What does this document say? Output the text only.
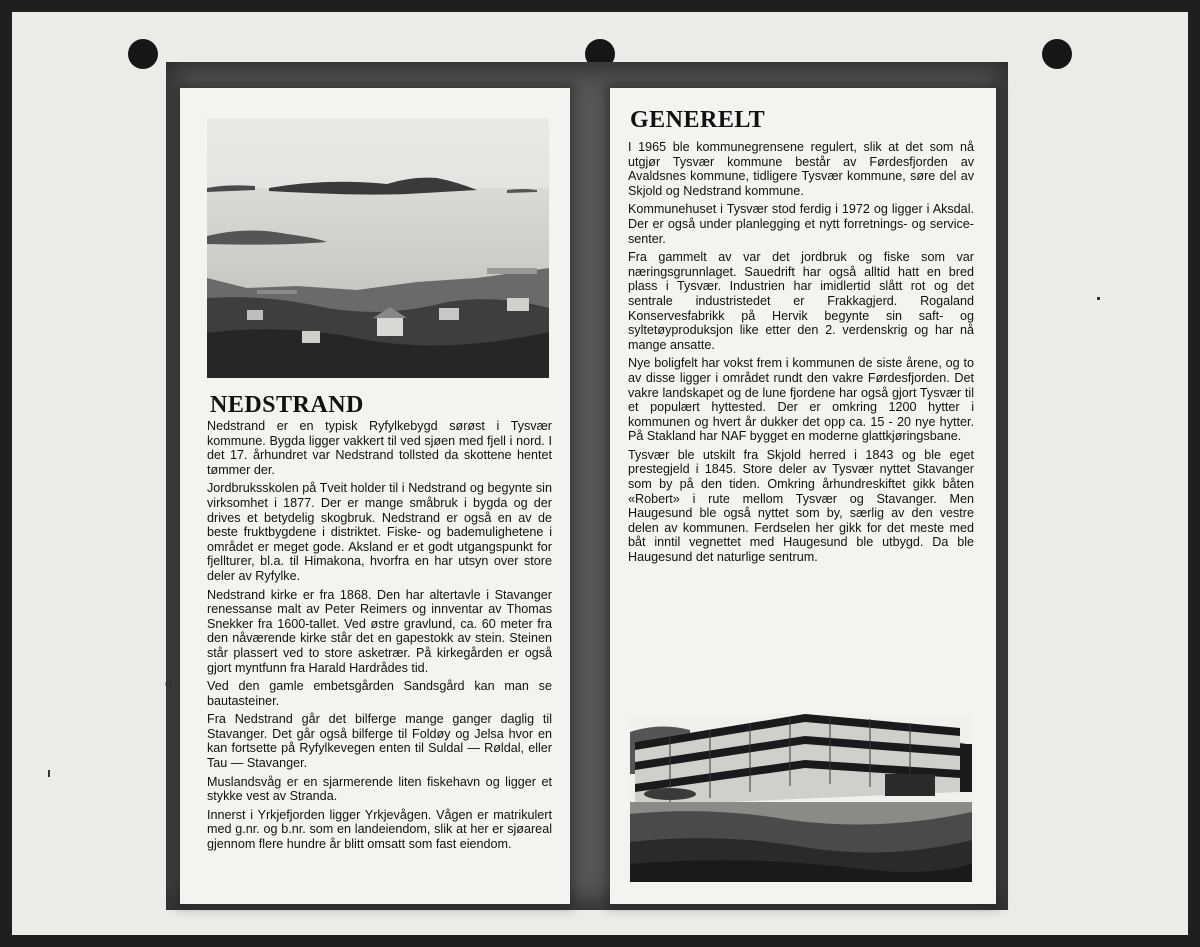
d
NEDSTRAND

Nedstrand er en typisk Ryfylkebygd sørøst i Tysvær kommune. Bygda ligger vakkert til ved sjøen med fjell i nord. I det 17. århundret var Nedstrand tollsted da skottene hentet tømmer der.

Jordbruksskolen på Tveit holder til i Nedstrand og begynte sin virksomhet i 1877. Der er mange småbruk i bygda og der drives et betydelig skogbruk. Nedstrand er også en av de beste fruktbygdene i distriktet. Fiske- og bademulighetene i området er meget gode. Aksland er et godt utgangspunkt for fjellturer, bl.a. til Himakona, hvorfra en har utsyn over store deler av Ryfylke.

Nedstrand kirke er fra 1868. Den har altertavle i Stavanger renessanse malt av Peter Reimers og innventar av Thomas Snekker fra 1600-tallet. Ved østre gravlund, ca. 60 meter fra den nåværende kirke står det en gapestokk av stein. Steinen står plassert ved to store asketrær. På kirkegården er også gjort myntfunn fra Harald Hardrådes tid.

Ved den gamle embetsgården Sandsgård kan man se bautasteiner.

Fra Nedstrand går det bilferge mange ganger daglig til Stavanger. Det går også bilferge til Foldøy og Jelsa hvor en kan fortsette på Ryfylkevegen enten til Suldal — Røldal, eller Tau — Stavanger.

Muslandsvåg er en sjarmerende liten fiskehavn og ligger et stykke vest av Stranda.

Innerst i Yrkjefjorden ligger Yrkjevågen. Vågen er matrikulert med g.nr. og b.nr. som en landeiendom, slik at her er sjøareal gjennom flere hundre år blitt omsatt som fast eiendom.

GENERELT

I 1965 ble kommunegrensene regulert, slik at det som nå utgjør Tysvær kommune består av Førdesfjorden av Avaldsnes kommune, tidligere Tysvær kommune, søre del av Skjold og Nedstrand kommune.

Kommunehuset i Tysvær stod ferdig i 1972 og ligger i Aksdal. Der er også under planlegging et nytt forretnings- og service-senter.

Fra gammelt av var det jordbruk og fiske som var næringsgrunnlaget. Sauedrift har også alltid hatt en bred plass i Tysvær. Industrien har imidlertid slått rot og det sentrale industristedet er Frakkagjerd. Rogaland Konservesfabrikk på Hervik begynte sin saft- og syltetøyproduksjon like etter den 2. verdenskrig og har nå mange ansatte.

Nye boligfelt har vokst frem i kommunen de siste årene, og to av disse ligger i området rundt den vakre Førdesfjorden. Det vakre landskapet og de lune fjordene har også gjort Tysvær til et populært hyttested. Der er omkring 1200 hytter i kommunen og hvert år dukker det opp ca. 15 - 20 nye hytter. På Stakland har NAF bygget en moderne glattkjøringsbane.

Tysvær ble utskilt fra Skjold herred i 1843 og ble eget prestegjeld i 1845. Store deler av Tysvær nyttet Stavanger som by på den tiden. Omkring århundreskiftet gikk båten «Robert» i rute mellom Tysvær og Stavanger. Men Haugesund ble også nyttet som by, særlig av den vestre delen av kommunen. Ferdselen her gikk for det meste med båt inntil vegnettet med Haugesund ble utbygd. Da ble Haugesund det naturlige sentrum.
